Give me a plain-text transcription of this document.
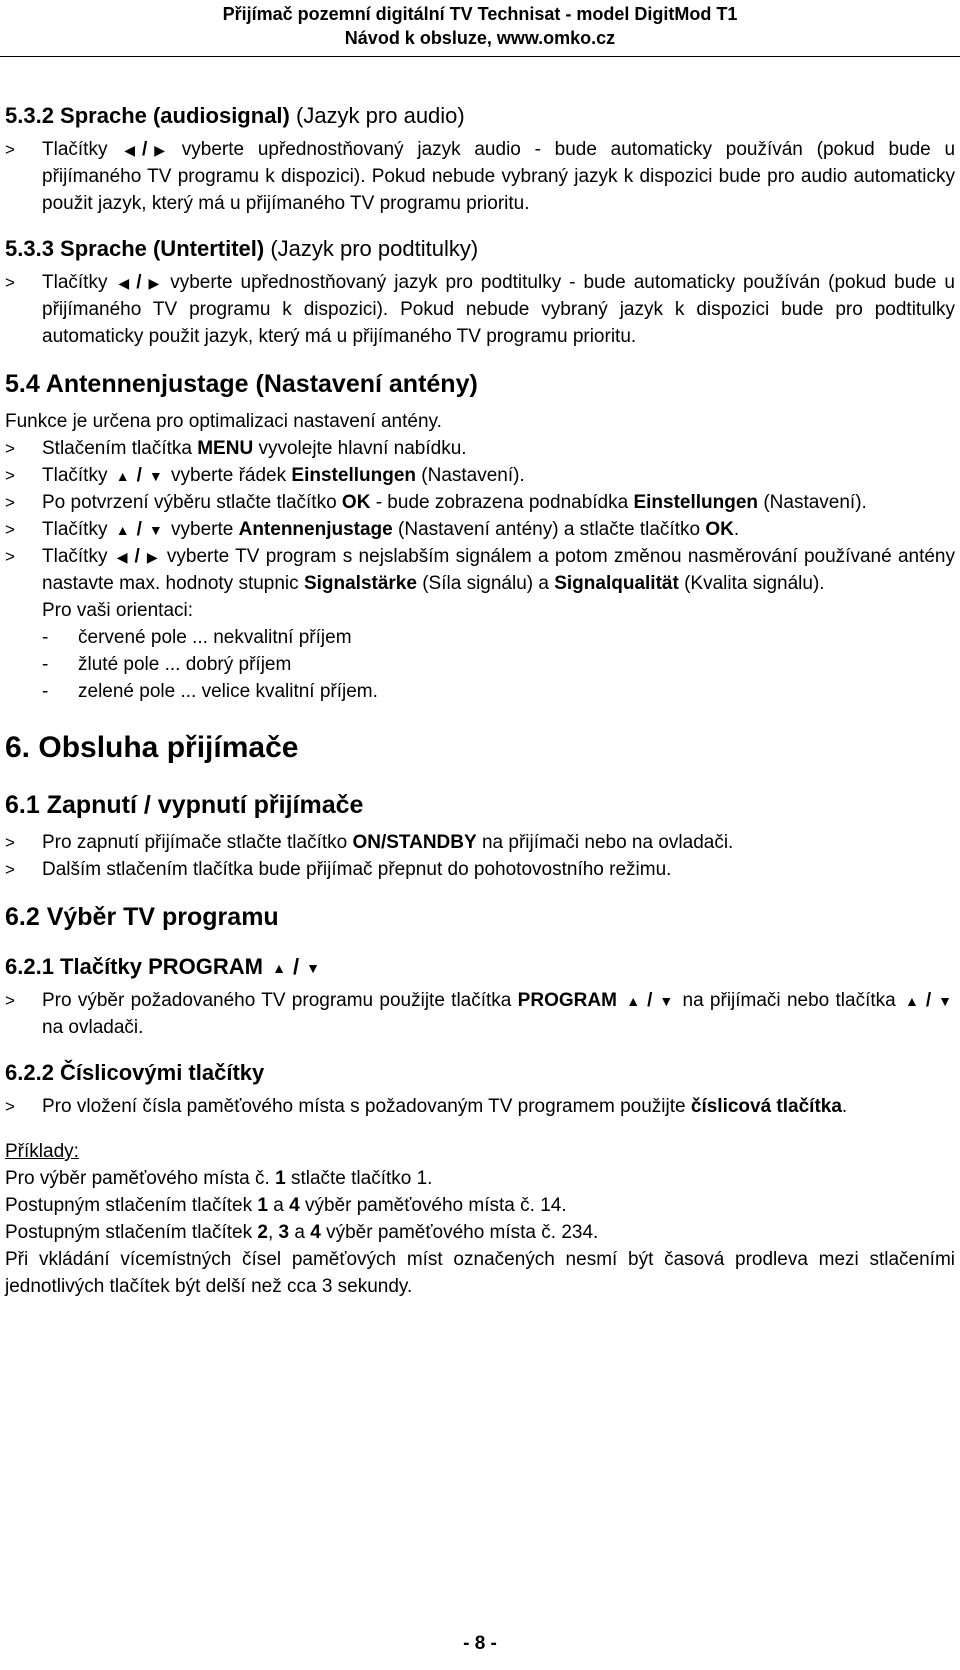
Přijímač pozemní digitální TV Technisat - model DigitMod T1
Návod k obsluze, www.omko.cz
5.3.2 Sprache (audiosignal) (Jazyk pro audio)
>	Tlačítky ◀ / ▶ vyberte upřednostňovaný jazyk audio - bude automaticky používán (pokud bude u přijímaného TV programu k dispozici). Pokud nebude vybraný jazyk k dispozici bude pro audio automaticky použit jazyk, který má u přijímaného TV programu prioritu.
5.3.3 Sprache (Untertitel) (Jazyk pro podtitulky)
>	Tlačítky ◀ / ▶ vyberte upřednostňovaný jazyk pro podtitulky - bude automaticky používán (pokud bude u přijímaného TV programu k dispozici). Pokud nebude vybraný jazyk k dispozici bude pro podtitulky automaticky použit jazyk, který má u přijímaného TV programu prioritu.
5.4 Antennenjustage (Nastavení antény)

Funkce je určena pro optimalizaci nastavení antény.

>	Stlačením tlačítka MENU vyvolejte hlavní nabídku.
>	Tlačítky ▲ / ▼ vyberte řádek Einstellungen (Nastavení).
>	Po potvrzení výběru stlačte tlačítko OK - bude zobrazena podnabídka Einstellungen (Nastavení).
>	Tlačítky ▲ / ▼ vyberte Antennenjustage (Nastavení antény) a stlačte tlačítko OK.
>	Tlačítky ◀ / ▶ vyberte TV program s nejslabším signálem a potom změnou nasměrování používané antény nastavte max. hodnoty stupnic Signalstärke (Síla signálu) a Signalqualität (Kvalita signálu).

Pro vaši orientaci:

- červené pole ... nekvalitní příjem
- žluté pole ... dobrý příjem
- zelené pole ... velice kvalitní příjem.
6. Obsluha přijímače
6.1 Zapnutí / vypnutí přijímače
>	Pro zapnutí přijímače stlačte tlačítko ON/STANDBY na přijímači nebo na ovladači.
>	Dalším stlačením tlačítka bude přijímač přepnut do pohotovostního režimu.
6.2 Výběr TV programu
6.2.1 Tlačítky PROGRAM ▲ / ▼
>	Pro výběr požadovaného TV programu použijte tlačítka PROGRAM ▲ / ▼ na přijímači nebo tlačítka ▲ / ▼ na ovladači.
6.2.2 Číslicovými tlačítky
>	Pro vložení čísla paměťového místa s požadovaným TV programem použijte číslicová tlačítka.

Příklady:

Pro výběr paměťového místa č. 1 stlačte tlačítko 1.

Postupným stlačením tlačítek 1 a 4 výběr paměťového místa č. 14.

Postupným stlačením tlačítek 2, 3 a 4 výběr paměťového místa č. 234.

Při vkládání vícemístných čísel paměťových míst označených nesmí být časová prodleva mezi stlačeními jednotlivých tlačítek být delší než cca 3 sekundy.

- 8 -
